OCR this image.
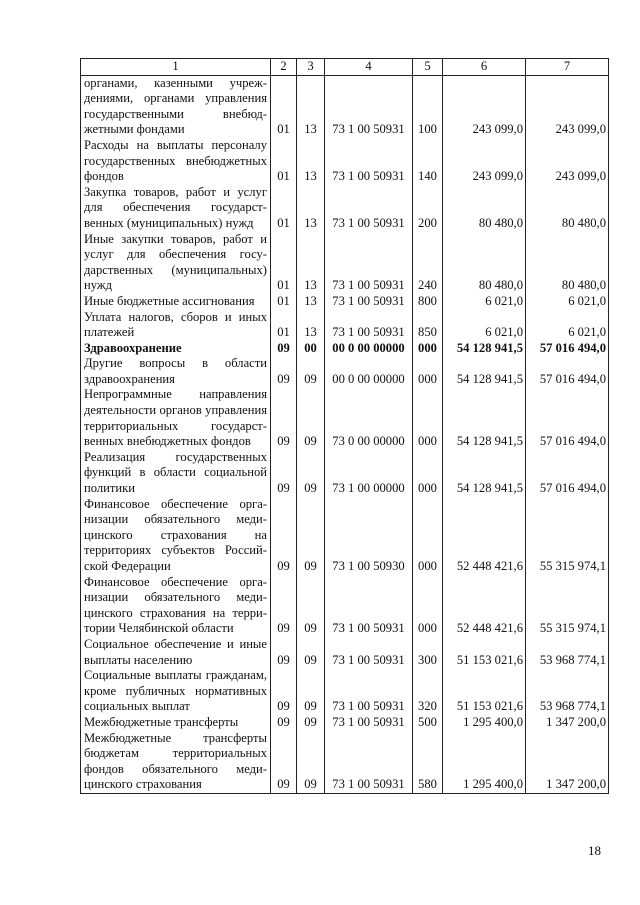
1	2	3	4	5	6	7
органами, казенными учреждениями, органами управления государственными внебюджетными фондами	01	13	73 1 00 50931	100	243 099,0	243 099,0
Расходы на выплаты персоналу государственных внебюджетных фондов	01	13	73 1 00 50931	140	243 099,0	243 099,0
Закупка товаров, работ и услуг для обеспечения государственных (муниципальных) нужд	01	13	73 1 00 50931	200	80 480,0	80 480,0
Иные закупки товаров, работ и услуг для обеспечения государственных (муниципальных) нужд	01	13	73 1 00 50931	240	80 480,0	80 480,0
Иные бюджетные ассигнования	01	13	73 1 00 50931	800	6 021,0	6 021,0
Уплата налогов, сборов и иных платежей	01	13	73 1 00 50931	850	6 021,0	6 021,0
Здравоохранение	09	00	00 0 00 00000	000	54 128 941,5	57 016 494,0
Другие вопросы в области здравоохранения	09	09	00 0 00 00000	000	54 128 941,5	57 016 494,0
Непрограммные направления деятельности органов управления территориальных государственных внебюджетных фондов	09	09	73 0 00 00000	000	54 128 941,5	57 016 494,0
Реализация государственных функций в области социальной политики	09	09	73 1 00 00000	000	54 128 941,5	57 016 494,0
Финансовое обеспечение организации обязательного медицинского страхования на территориях субъектов Российской Федерации	09	09	73 1 00 50930	000	52 448 421,6	55 315 974,1
Финансовое обеспечение организации обязательного медицинского страхования на территории Челябинской области	09	09	73 1 00 50931	000	52 448 421,6	55 315 974,1
Социальное обеспечение и иные выплаты населению	09	09	73 1 00 50931	300	51 153 021,6	53 968 774,1
Социальные выплаты гражданам, кроме публичных нормативных социальных выплат	09	09	73 1 00 50931	320	51 153 021,6	53 968 774,1
Межбюджетные трансферты	09	09	73 1 00 50931	500	1 295 400,0	1 347 200,0
Межбюджетные трансферты бюджетам территориальных фондов обязательного медицинского страхования	09	09	73 1 00 50931	580	1 295 400,0	1 347 200,0
18
